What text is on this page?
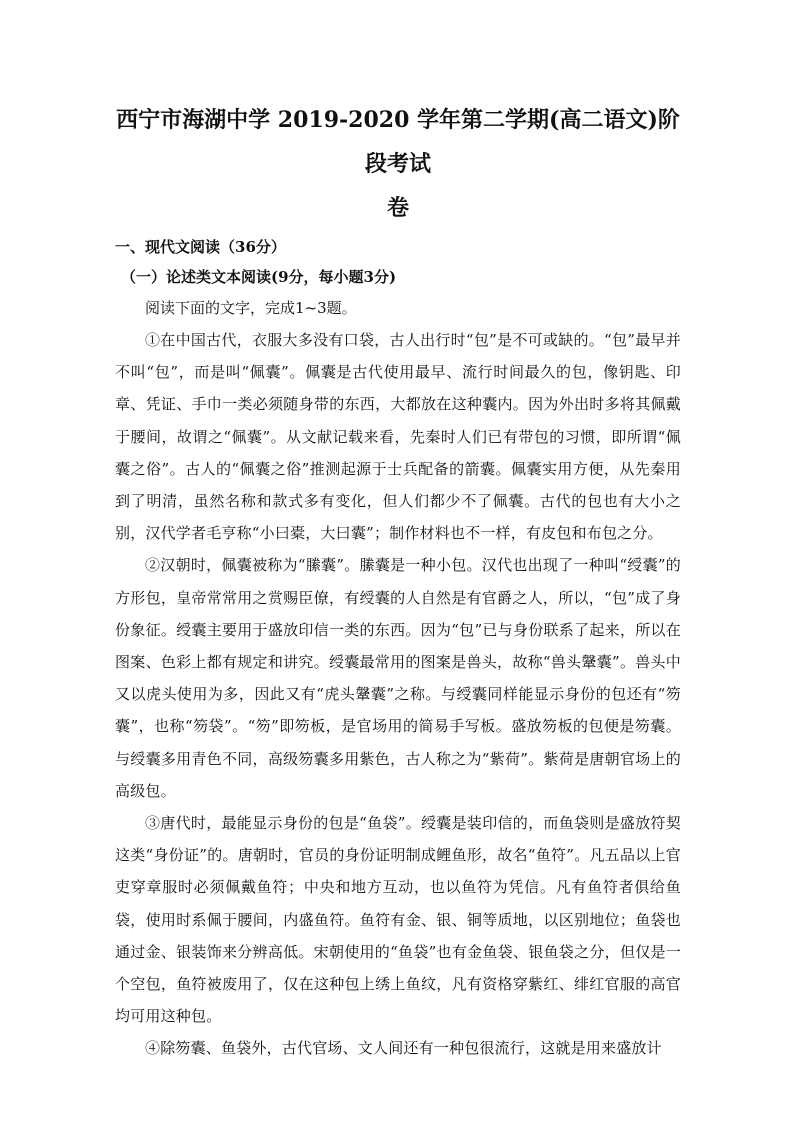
西宁市海湖中学 2019-2020 学年第二学期(高二语文)阶段考试
卷

一、现代文阅读（36分）

（一）论述类文本阅读(9分，每小题3分)

阅读下面的文字，完成1~3题。

①在中国古代，衣服大多没有口袋，古人出行时“包”是不可或缺的。“包”最早并不叫“包”，而是叫“佩囊”。佩囊是古代使用最早、流行时间最久的包，像钥匙、印章、凭证、手巾一类必须随身带的东西，大都放在这种囊内。因为外出时多将其佩戴于腰间，故谓之“佩囊”。从文献记载来看，先秦时人们已有带包的习惯，即所谓“佩囊之俗”。古人的“佩囊之俗”推测起源于士兵配备的箭囊。佩囊实用方便，从先秦用到了明清，虽然名称和款式多有变化，但人们都少不了佩囊。古代的包也有大小之别，汉代学者毛亨称“小曰橐，大曰囊”；制作材料也不一样，有皮包和布包之分。

②汉朝时，佩囊被称为“縢囊”。縢囊是一种小包。汉代也出现了一种叫“绶囊”的方形包，皇帝常常用之赏赐臣僚，有绶囊的人自然是有官爵之人，所以，“包”成了身份象征。绶囊主要用于盛放印信一类的东西。因为“包”已与身份联系了起来，所以在图案、色彩上都有规定和讲究。绶囊最常用的图案是兽头，故称“兽头鞶囊”。兽头中又以虎头使用为多，因此又有“虎头鞶囊”之称。与绶囊同样能显示身份的包还有“笏囊”，也称“笏袋”。“笏”即笏板，是官场用的简易手写板。盛放笏板的包便是笏囊。与绶囊多用青色不同，高级笏囊多用紫色，古人称之为“紫荷”。紫荷是唐朝官场上的高级包。

③唐代时，最能显示身份的包是“鱼袋”。绶囊是装印信的，而鱼袋则是盛放符契这类“身份证”的。唐朝时，官员的身份证明制成鲤鱼形，故名“鱼符”。凡五品以上官吏穿章服时必须佩戴鱼符；中央和地方互动，也以鱼符为凭信。凡有鱼符者俱给鱼袋，使用时系佩于腰间，内盛鱼符。鱼符有金、银、铜等质地，以区别地位；鱼袋也通过金、银装饰来分辨高低。宋朝使用的“鱼袋”也有金鱼袋、银鱼袋之分，但仅是一个空包，鱼符被废用了，仅在这种包上绣上鱼纹，凡有资格穿紫红、绯红官服的高官均可用这种包。

④除笏囊、鱼袋外，古代官场、文人间还有一种包很流行，这就是用来盛放计
